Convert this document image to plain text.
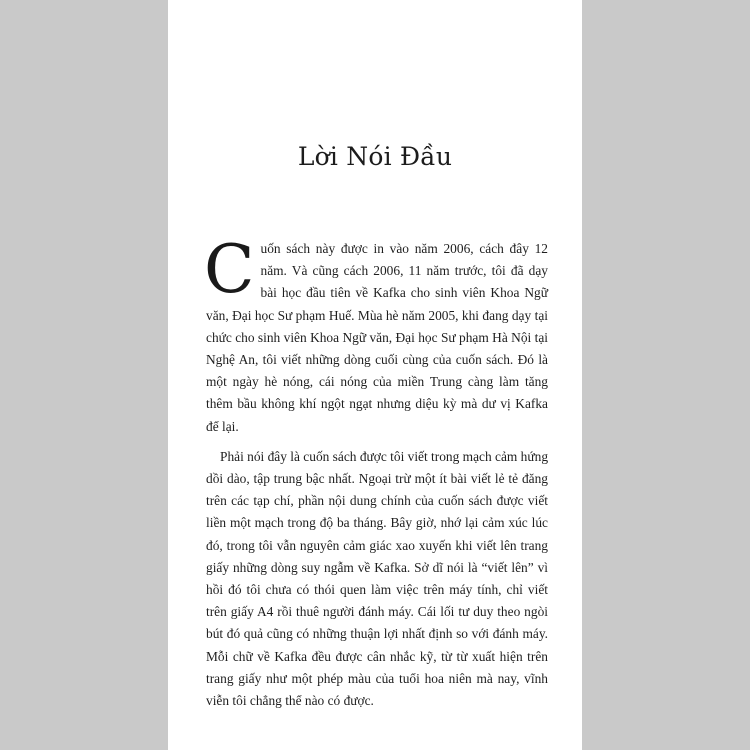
Lời Nói Đầu

Cuốn sách này được in vào năm 2006, cách đây 12 năm. Và cũng cách 2006, 11 năm trước, tôi đã dạy bài học đầu tiên về Kafka cho sinh viên Khoa Ngữ văn, Đại học Sư phạm Huế. Mùa hè năm 2005, khi đang dạy tại chức cho sinh viên Khoa Ngữ văn, Đại học Sư phạm Hà Nội tại Nghệ An, tôi viết những dòng cuối cùng của cuốn sách. Đó là một ngày hè nóng, cái nóng của miền Trung càng làm tăng thêm bầu không khí ngột ngạt nhưng diệu kỳ mà dư vị Kafka để lại.

Phải nói đây là cuốn sách được tôi viết trong mạch cảm hứng dồi dào, tập trung bậc nhất. Ngoại trừ một ít bài viết lẻ tẻ đăng trên các tạp chí, phần nội dung chính của cuốn sách được viết liền một mạch trong độ ba tháng. Bây giờ, nhớ lại cảm xúc lúc đó, trong tôi vẫn nguyên cảm giác xao xuyến khi viết lên trang giấy những dòng suy ngẫm về Kafka. Sở dĩ nói là “viết lên” vì hồi đó tôi chưa có thói quen làm việc trên máy tính, chỉ viết trên giấy A4 rồi thuê người đánh máy. Cái lối tư duy theo ngòi bút đó quả cũng có những thuận lợi nhất định so với đánh máy. Mỗi chữ về Kafka đều được cân nhắc kỹ, từ từ xuất hiện trên trang giấy như một phép màu của tuổi hoa niên mà nay, vĩnh viễn tôi chẳng thể nào có được.
